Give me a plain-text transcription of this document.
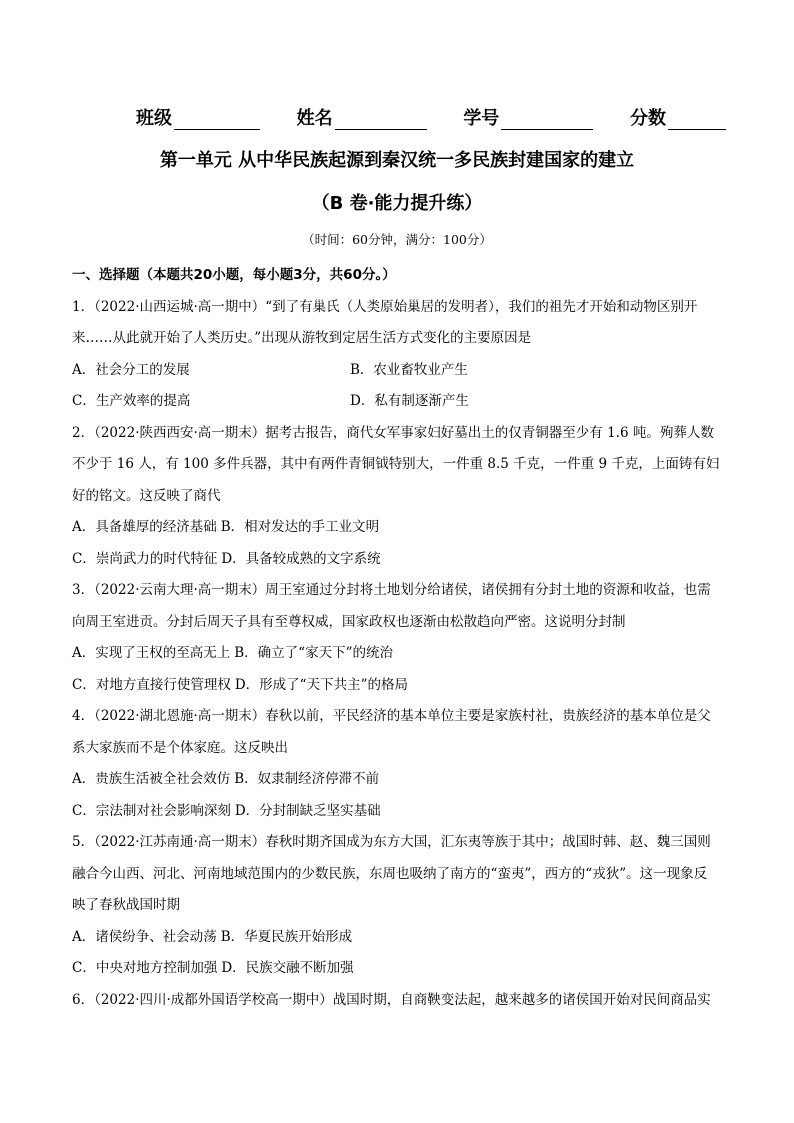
班级	姓名	学号	分数
第一单元 从中华民族起源到秦汉统一多民族封建国家的建立
（B 卷·能力提升练）
（时间：60分钟，满分：100分）
一、选择题（本题共20小题，每小题3分，共60分。）
1．（2022·山西运城·高一期中）“到了有巢氏（人类原始巢居的发明者），我们的祖先才开始和动物区别开
来……从此就开始了人类历史。”出现从游牧到定居生活方式变化的主要原因是
A．社会分工的发展	B．农业畜牧业产生
C．生产效率的提高	D．私有制逐渐产生
2．（2022·陕西西安·高一期末）据考古报告，商代女军事家妇好墓出土的仅青铜器至少有 1.6 吨。殉葬人数
不少于 16 人，有 100 多件兵器，其中有两件青铜钺特别大，一件重 8.5 千克，一件重 9 千克，上面铸有妇
好的铭文。这反映了商代
A．具备雄厚的经济基础 B．相对发达的手工业文明
C．崇尚武力的时代特征 D．具备较成熟的文字系统
3．（2022·云南大理·高一期末）周王室通过分封将土地划分给诸侯，诸侯拥有分封土地的资源和收益，也需
向周王室进贡。分封后周天子具有至尊权威，国家政权也逐渐由松散趋向严密。这说明分封制
A．实现了王权的至高无上 B．确立了“家天下”的统治
C．对地方直接行使管理权 D．形成了“天下共主”的格局
4．（2022·湖北恩施·高一期末）春秋以前，平民经济的基本单位主要是家族村社，贵族经济的基本单位是父
系大家族而不是个体家庭。这反映出
A．贵族生活被全社会效仿 B．奴隶制经济停滞不前
C．宗法制对社会影响深刻 D．分封制缺乏坚实基础
5．（2022·江苏南通·高一期末）春秋时期齐国成为东方大国，汇东夷等族于其中；战国时韩、赵、魏三国则
融合今山西、河北、河南地域范围内的少数民族，东周也吸纳了南方的“蛮夷”，西方的“戎狄”。这一现象反
映了春秋战国时期
A．诸侯纷争、社会动荡 B．华夏民族开始形成
C．中央对地方控制加强 D．民族交融不断加强
6．（2022·四川·成都外国语学校高一期中）战国时期，自商鞅变法起，越来越多的诸侯国开始对民间商品实
